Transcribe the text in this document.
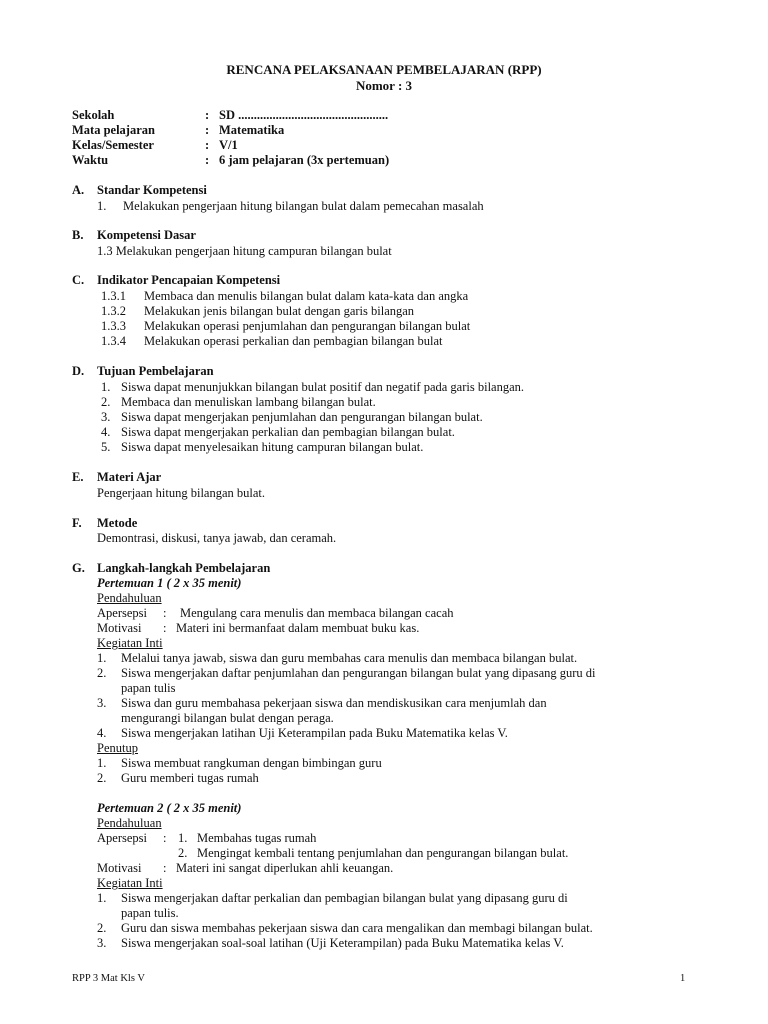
RENCANA PELAKSANAAN PEMBELAJARAN (RPP)
Nomor : 3
Sekolah	: SD ................................................
Mata pelajaran	: Matematika
Kelas/Semester	: V/1
Waktu	: 6 jam pelajaran (3x pertemuan)
A. Standar Kompetensi
1. Melakukan pengerjaan hitung bilangan bulat dalam pemecahan masalah
B. Kompetensi Dasar
1.3 Melakukan pengerjaan hitung campuran bilangan bulat
C. Indikator Pencapaian Kompetensi
1.3.1 Membaca dan menulis bilangan bulat dalam kata-kata dan angka
1.3.2 Melakukan jenis bilangan bulat dengan garis bilangan
1.3.3 Melakukan operasi penjumlahan dan pengurangan bilangan bulat
1.3.4 Melakukan operasi perkalian dan pembagian bilangan bulat
D. Tujuan Pembelajaran
1. Siswa dapat menunjukkan bilangan bulat positif dan negatif pada garis bilangan.
2. Membaca dan menuliskan lambang bilangan bulat.
3. Siswa dapat mengerjakan penjumlahan dan pengurangan bilangan bulat.
4. Siswa dapat mengerjakan perkalian dan pembagian bilangan bulat.
5. Siswa dapat menyelesaikan hitung campuran bilangan bulat.
E. Materi Ajar
Pengerjaan hitung bilangan bulat.
F. Metode
Demontrasi, diskusi, tanya jawab, dan ceramah.
G. Langkah-langkah Pembelajaran
Pertemuan 1 ( 2 x 35 menit)
Pendahuluan
Apersepsi : Mengulang cara menulis dan membaca bilangan cacah
Motivasi : Materi ini bermanfaat dalam membuat buku kas.
Kegiatan Inti
1. Melalui tanya jawab, siswa dan guru membahas cara menulis dan membaca bilangan bulat.
2. Siswa mengerjakan daftar penjumlahan dan pengurangan bilangan bulat yang dipasang guru di
papan tulis
3. Siswa dan guru membahasa pekerjaan siswa dan mendiskusikan cara menjumlah dan
mengurangi bilangan bulat dengan peraga.
4. Siswa mengerjakan latihan Uji Keterampilan pada Buku Matematika kelas V.
Penutup
1. Siswa membuat rangkuman dengan bimbingan guru
2. Guru memberi tugas rumah
Pertemuan 2 ( 2 x 35 menit)
Pendahuluan
Apersepsi : 1. Membahas tugas rumah
2. Mengingat kembali tentang penjumlahan dan pengurangan bilangan bulat.
Motivasi : Materi ini sangat diperlukan ahli keuangan.
Kegiatan Inti
1. Siswa mengerjakan daftar perkalian dan pembagian bilangan bulat yang dipasang guru di
papan tulis.
2. Guru dan siswa membahas pekerjaan siswa dan cara mengalikan dan membagi bilangan bulat.
3. Siswa mengerjakan soal-soal latihan (Uji Keterampilan) pada Buku Matematika kelas V.
RPP 3 Mat Kls V	1
